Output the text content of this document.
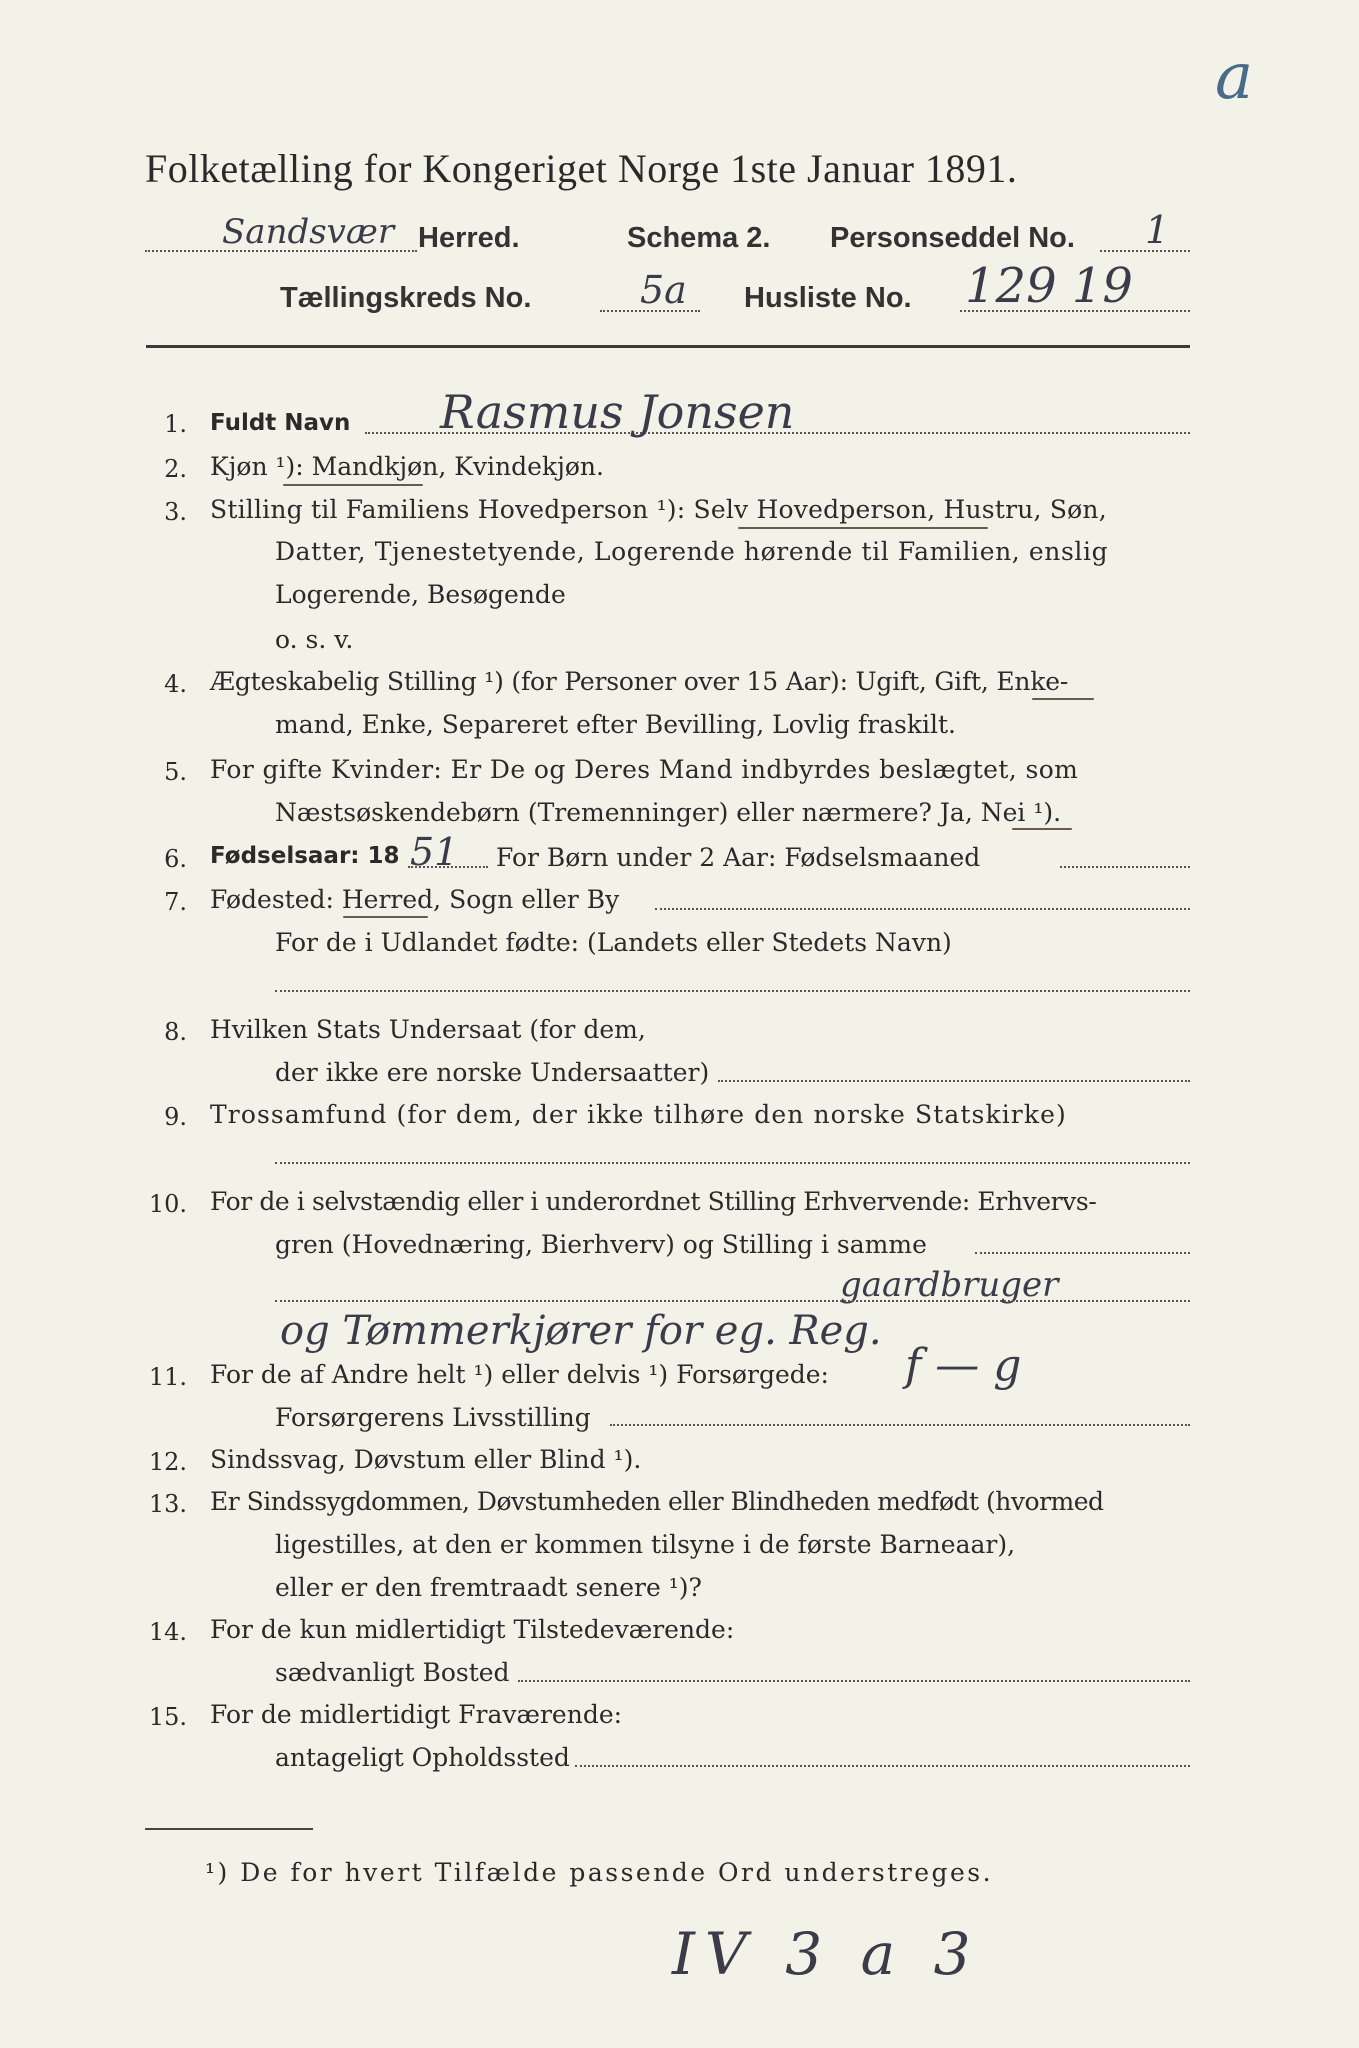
a
Folketælling for Kongeriget Norge 1ste Januar 1891.
Sandsvær Herred.	Schema 2. Personseddel No. 1
Tællingskreds No.	5a Husliste No. 129 19
1. Fuldt Navn Rasmus Jonsen
2. Kjøn ¹): Mandkjøn, Kvindekjøn.
3. Stilling til Familiens Hovedperson ¹): Selv Hovedperson, Hustru, Søn,
Datter, Tjenestetyende, Logerende hørende til Familien, enslig
Logerende, Besøgende
o. s. v.
4. Ægteskabelig Stilling ¹) (for Personer over 15 Aar): Ugift, Gift, Enke-
mand, Enke, Separeret efter Bevilling, Lovlig fraskilt.
5. For gifte Kvinder: Er De og Deres Mand indbyrdes beslægtet, som
Næstsøskendebørn (Tremenninger) eller nærmere? Ja, Nei ¹).
6. Fødselsaar: 18 51 For Børn under 2 Aar: Fødselsmaaned
7. Fødested: Herred, Sogn eller By
For de i Udlandet fødte: (Landets eller Stedets Navn)
8. Hvilken Stats Undersaat (for dem,
der ikke ere norske Undersaatter)
9. Trossamfund (for dem, der ikke tilhøre den norske Statskirke)
10. For de i selvstændig eller i underordnet Stilling Erhvervende: Erhvervs-
gren (Hovednæring, Bierhverv) og Stilling i samme
gaardbruger
og Tømmerkjører for eg. Reg.
11. For de af Andre helt ¹) eller delvis ¹) Forsørgede: f — g
Forsørgerens Livsstilling
12. Sindssvag, Døvstum eller Blind ¹).
13. Er Sindssygdommen, Døvstumheden eller Blindheden medfødt (hvormed
ligestilles, at den er kommen tilsyne i de første Barneaar),
eller er den fremtraadt senere ¹)?
14. For de kun midlertidigt Tilstedeværende:
sædvanligt Bosted
15. For de midlertidigt Fraværende:
antageligt Opholdssted
¹) De for hvert Tilfælde passende Ord understreges.
IV 3 a 3
